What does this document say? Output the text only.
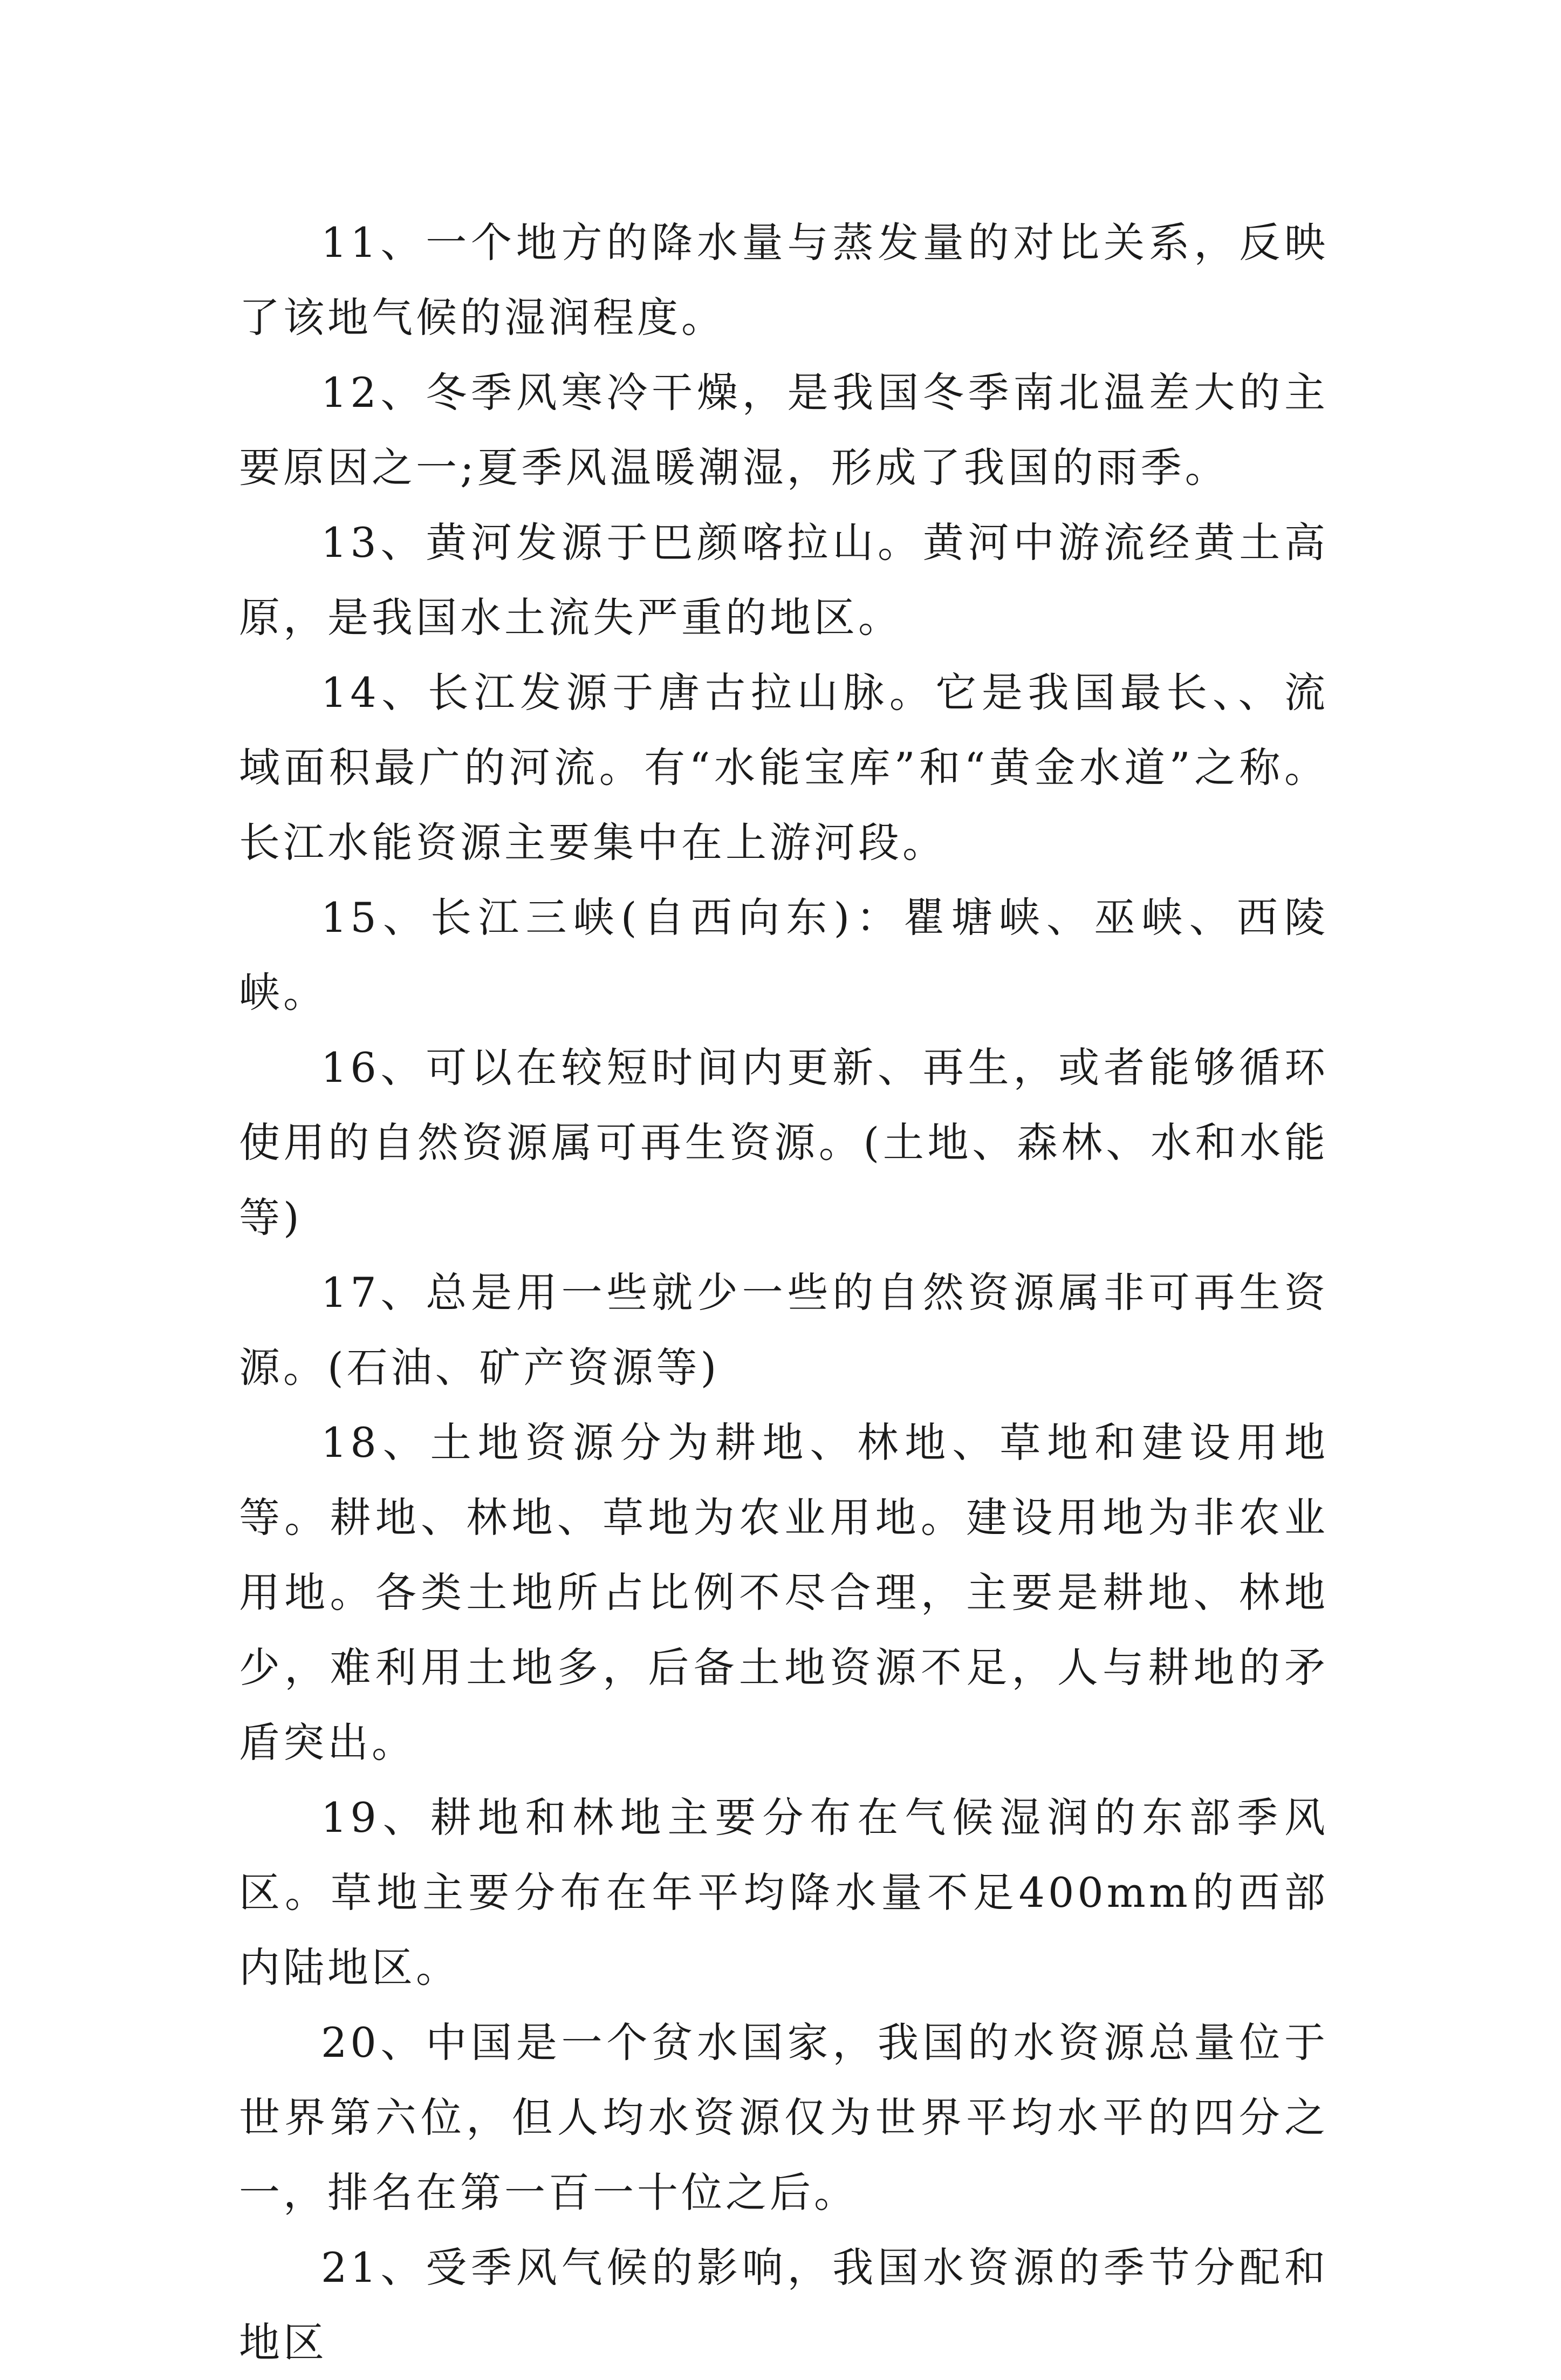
11、一个地方的降水量与蒸发量的对比关系，反映了该地气候的湿润程度。

12、冬季风寒冷干燥，是我国冬季南北温差大的主要原因之一;夏季风温暖潮湿，形成了我国的雨季。

13、黄河发源于巴颜喀拉山。黄河中游流经黄土高原，是我国水土流失严重的地区。

14、长江发源于唐古拉山脉。它是我国最长、、流域面积最广的河流。有“水能宝库”和“黄金水道”之称。长江水能资源主要集中在上游河段。

15、长江三峡(自西向东)：瞿塘峡、巫峡、西陵峡。

16、可以在较短时间内更新、再生，或者能够循环使用的自然资源属可再生资源。(土地、森林、水和水能等)

17、总是用一些就少一些的自然资源属非可再生资源。(石油、矿产资源等)

18、土地资源分为耕地、林地、草地和建设用地等。耕地、林地、草地为农业用地。建设用地为非农业用地。各类土地所占比例不尽合理，主要是耕地、林地少，难利用土地多，后备土地资源不足，人与耕地的矛盾突出。

19、耕地和林地主要分布在气候湿润的东部季风区。草地主要分布在年平均降水量不足400mm的西部内陆地区。

20、中国是一个贫水国家，我国的水资源总量位于世界第六位，但人均水资源仅为世界平均水平的四分之一，排名在第一百一十位之后。

21、受季风气候的影响，我国水资源的季节分配和地区
